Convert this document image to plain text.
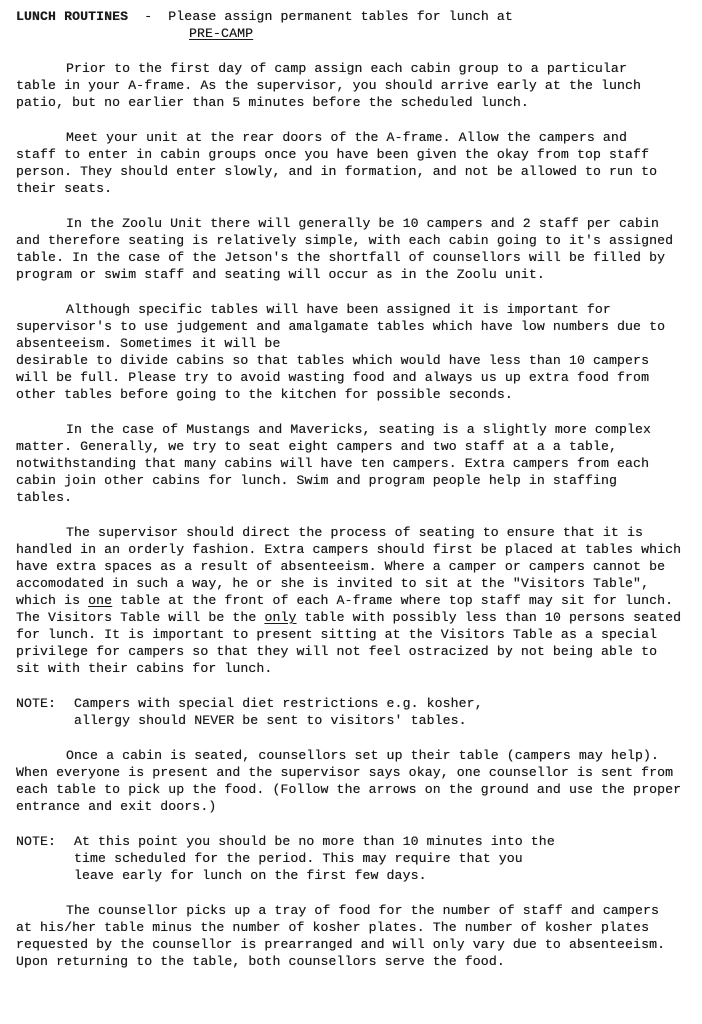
LUNCH ROUTINES - Please assign permanent tables for lunch at
PRE-CAMP

Prior to the first day of camp assign each cabin group to a particular table in your A-frame. As the supervisor, you should arrive early at the lunch patio, but no earlier than 5 minutes before the scheduled lunch.

Meet your unit at the rear doors of the A-frame. Allow the campers and staff to enter in cabin groups once you have been given the okay from top staff person. They should enter slowly, and in formation, and not be allowed to run to their seats.

In the Zoolu Unit there will generally be 10 campers and 2 staff per cabin and therefore seating is relatively simple, with each cabin going to it's assigned table. In the case of the Jetson's the shortfall of counsellors will be filled by program or swim staff and seating will occur as in the Zoolu unit.

Although specific tables will have been assigned it is important for supervisor's to use judgement and amalgamate tables which have low numbers due to absenteeism. Sometimes it will be

desirable to divide cabins so that tables which would have less than 10 campers will be full. Please try to avoid wasting food and always us up extra food from other tables before going to the kitchen for possible seconds.

In the case of Mustangs and Mavericks, seating is a slightly more complex matter. Generally, we try to seat eight campers and two staff at a a table, notwithstanding that many cabins will have ten campers. Extra campers from each cabin join other cabins for lunch. Swim and program people help in staffing tables.

The supervisor should direct the process of seating to ensure that it is handled in an orderly fashion. Extra campers should first be placed at tables which have extra spaces as a result of absenteeism. Where a camper or campers cannot be accomodated in such a way, he or she is invited to sit at the "Visitors Table", which is one table at the front of each A-frame where top staff may sit for lunch. The Visitors Table will be the only table with possibly less than 10 persons seated for lunch. It is important to present sitting at the Visitors Table as a special privilege for campers so that they will not feel ostracized by not being able to sit with their cabins for lunch.

NOTE:	Campers with special diet restrictions e.g. kosher, allergy should NEVER be sent to visitors' tables.

Once a cabin is seated, counsellors set up their table (campers may help). When everyone is present and the supervisor says okay, one counsellor is sent from each table to pick up the food. (Follow the arrows on the ground and use the proper entrance and exit doors.)

NOTE:	At this point you should be no more than 10 minutes into the time scheduled for the period. This may require that you leave early for lunch on the first few days.

The counsellor picks up a tray of food for the number of staff and campers at his/her table minus the number of kosher plates. The number of kosher plates requested by the counsellor is prearranged and will only vary due to absenteeism. Upon returning to the table, both counsellors serve the food.
